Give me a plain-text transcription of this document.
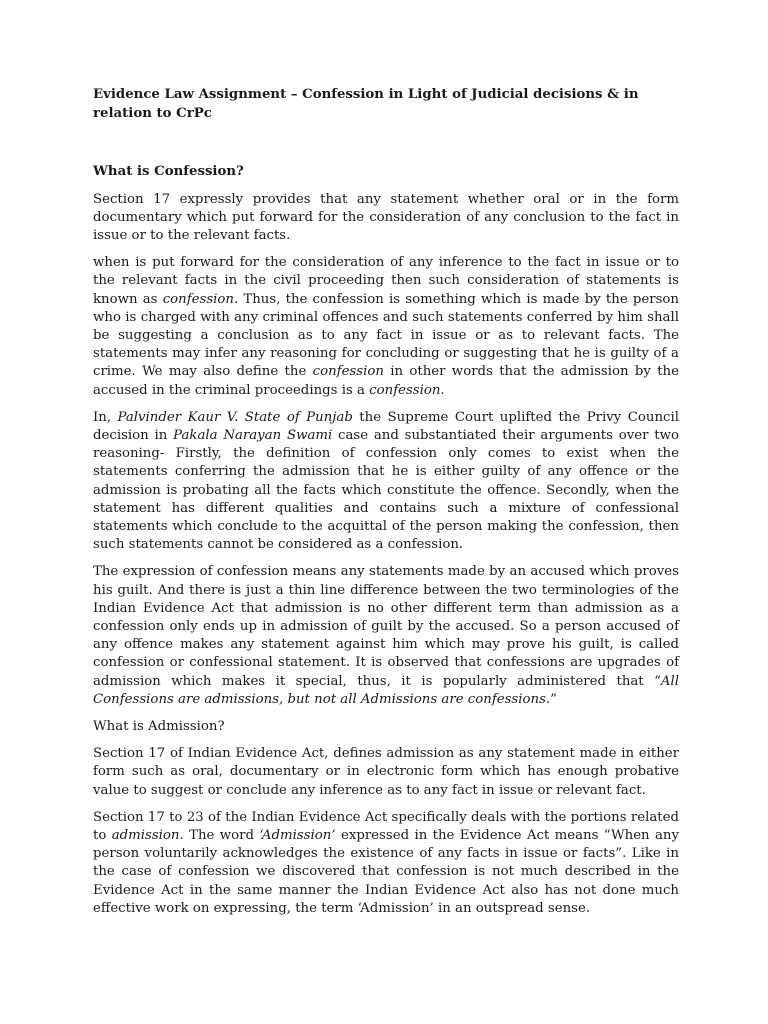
Evidence Law Assignment – Confession in Light of Judicial decisions & in relation to CrPc
What is Confession?

Section 17 expressly provides that any statement whether oral or in the form documentary which put forward for the consideration of any conclusion to the fact in issue or to the relevant facts.

when is put forward for the consideration of any inference to the fact in issue or to the relevant facts in the civil proceeding then such consideration of statements is known as confession. Thus, the confession is something which is made by the person who is charged with any criminal offences and such statements conferred by him shall be suggesting a conclusion as to any fact in issue or as to relevant facts. The statements may infer any reasoning for concluding or suggesting that he is guilty of a crime. We may also define the confession in other words that the admission by the accused in the criminal proceedings is a confession.

In, Palvinder Kaur V. State of Punjab the Supreme Court uplifted the Privy Council decision in Pakala Narayan Swami case and substantiated their arguments over two reasoning- Firstly, the definition of confession only comes to exist when the statements conferring the admission that he is either guilty of any offence or the admission is probating all the facts which constitute the offence. Secondly, when the statement has different qualities and contains such a mixture of confessional statements which conclude to the acquittal of the person making the confession, then such statements cannot be considered as a confession.

The expression of confession means any statements made by an accused which proves his guilt. And there is just a thin line difference between the two terminologies of the Indian Evidence Act that admission is no other different term than admission as a confession only ends up in admission of guilt by the accused. So a person accused of any offence makes any statement against him which may prove his guilt, is called confession or confessional statement. It is observed that confessions are upgrades of admission which makes it special, thus, it is popularly administered that “All Confessions are admissions, but not all Admissions are confessions.”

What is Admission?

Section 17 of Indian Evidence Act, defines admission as any statement made in either form such as oral, documentary or in electronic form which has enough probative value to suggest or conclude any inference as to any fact in issue or relevant fact.

Section 17 to 23 of the Indian Evidence Act specifically deals with the portions related to admission. The word ‘Admission’ expressed in the Evidence Act means “When any person voluntarily acknowledges the existence of any facts in issue or facts”. Like in the case of confession we discovered that confession is not much described in the Evidence Act in the same manner the Indian Evidence Act also has not done much effective work on expressing, the term ‘Admission’ in an outspread sense.
